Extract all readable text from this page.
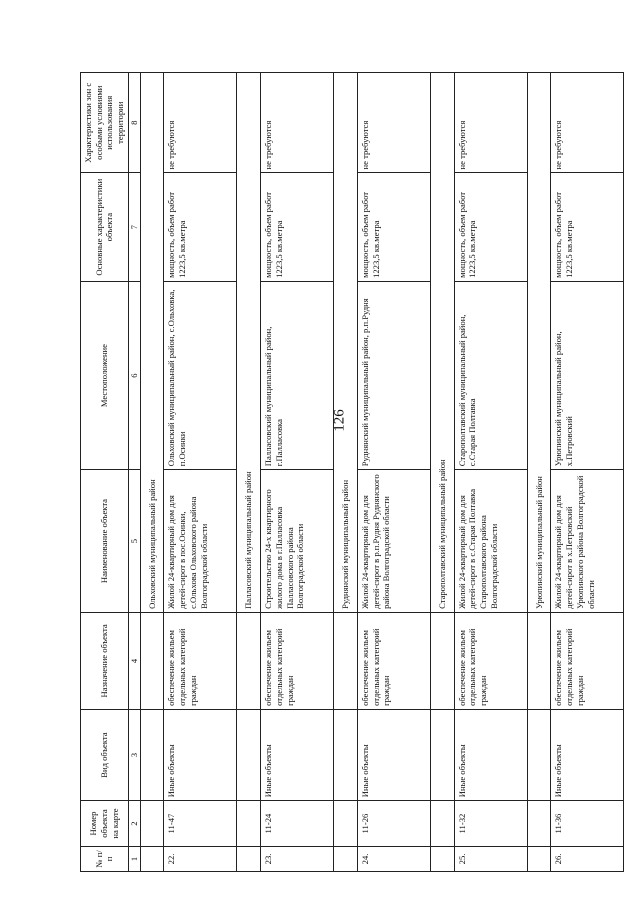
126
№ п/п	Номер объекта на карте	Вид объекта	Назначение объекта	Наименование объекта	Местоположение	Основные характеристики объекта	Характеристики зон с особыми условиями использования территории
1	2	3	4	5	6	7	8
				Ольховский муниципальный район			
22.	11-47	Иные объекты	обеспечение жильем отдельных категорий граждан	Жилой 24-квартирный дом для детей-сирот в пос.Осинки, с.Ольхова Ольховского района Волгоградской области	Ольховский муниципальный район, с.Ольховка, п.Осинки	мощность, объем работ 1223,5 кв.метра	не требуются
				Палласовский муниципальный район			
23.	11-24	Иные объекты	обеспечение жильем отдельных категорий граждан	Строительство 24-х квартирного жилого дома в г.Палласовка Палласовского района Волгоградской области	Палласовский муниципальный район, г.Палласовка	мощность, объем работ 1223,5 кв.метра	не требуются
				Руднянский муниципальный район			
24.	11-26	Иные объекты	обеспечение жильем отдельных категорий граждан	Жилой 24-квартирный дом для детей-сирот в р.п.Рудня Руднянского района Волгоградской области	Руднянский муниципальный район, р.п.Рудня	мощность, объем работ 1223,5 кв.метра	не требуются
				Старополтавский муниципальный район			
25.	11-32	Иные объекты	обеспечение жильем отдельных категорий граждан	Жилой 24-квартирный дом для детей-сирот в с.Старая Полтавка Старополтавского района Волгоградской области	Старополтавский муниципальный район, с.Старая Полтавка	мощность, объем работ 1223,5 кв.метра	не требуются
				Урюпинский муниципальный район			
26.	11-36	Иные объекты	обеспечение жильем отдельных категорий граждан	Жилой 24-квартирный дом для детей-сирот в х.Петровский Урюпинского района Волгоградской области	Урюпинский муниципальный район, х.Петровский	мощность, объем работ 1223,5 кв.метра	не требуются
